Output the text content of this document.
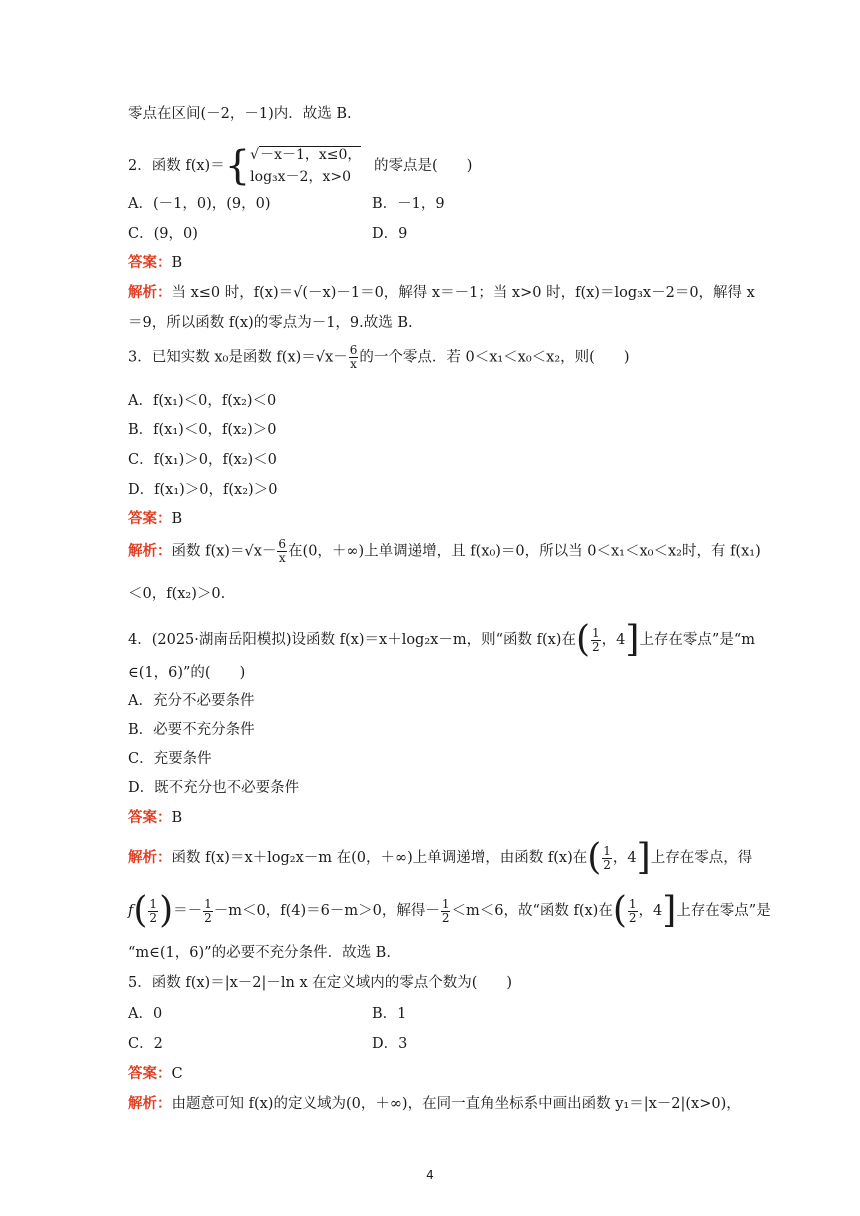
零点在区间(－2，－1)内．故选 B.
2．函数 f(x)＝{ √－x－1，x≤0，
log₃x－2，x>0
的零点是(　　)
A．(－1，0)，(9，0)	B．－1，9
C．(9，0)	D．9
答案：B
解析：当 x≤0 时，f(x)＝√(－x)－1＝0，解得 x＝－1；当 x>0 时，f(x)＝log₃x－2＝0，解得 x
＝9，所以函数 f(x)的零点为－1，9.故选 B.
3．已知实数 x₀是函数 $f(x)=√x- \frac{6}{x}$ 的一个零点．若 0＜x₁＜x₀＜x₂，则(　　)
A．f(x₁)＜0，f(x₂)＜0
B．f(x₁)＜0，f(x₂)＞0
C．f(x₁)＞0，f(x₂)＜0
D．f(x₁)＞0，f(x₂)＞0
答案：B
解析：函数 $f(x)=√x- \frac{6}{x}$ 在(0，＋∞)上单调递增，且 f(x₀)＝0，所以当 0＜x₁＜x₀＜x₂时，有 f(x₁)
＜0，f(x₂)＞0.
4．(2025·湖南岳阳模拟)设函数 f(x)＝x＋log₂x－m，则“函数 f(x)在( $\frac{1}{2}$ ，4]上存在零点”是“m
∈(1，6)”的(　　)
A．充分不必要条件
B．必要不充分条件
C．充要条件
D．既不充分也不必要条件
答案：B
解析：函数 f(x)＝x＋log₂x－m 在(0，＋∞)上单调递增，由函数 f(x)在( $\frac{1}{2}$ ，4]上存在零点，得
$f( \frac{1}{2}$ )＝－ $\frac{1}{2} -m<0$，f(4)＝6－m＞0，解得－ $\frac{1}{2} <m<6$，故“函数 f(x)在( $\frac{1}{2}$ ，4]上存在零点”是
“m∈(1，6)”的必要不充分条件．故选 B.
5．函数 f(x)＝|x－2|－ln x 在定义域内的零点个数为(　　)
A．0	B．1
C．2	D．3
答案：C
解析：由题意可知 f(x)的定义域为(0，＋∞)，在同一直角坐标系中画出函数 y₁＝|x－2|(x>0)，
4
